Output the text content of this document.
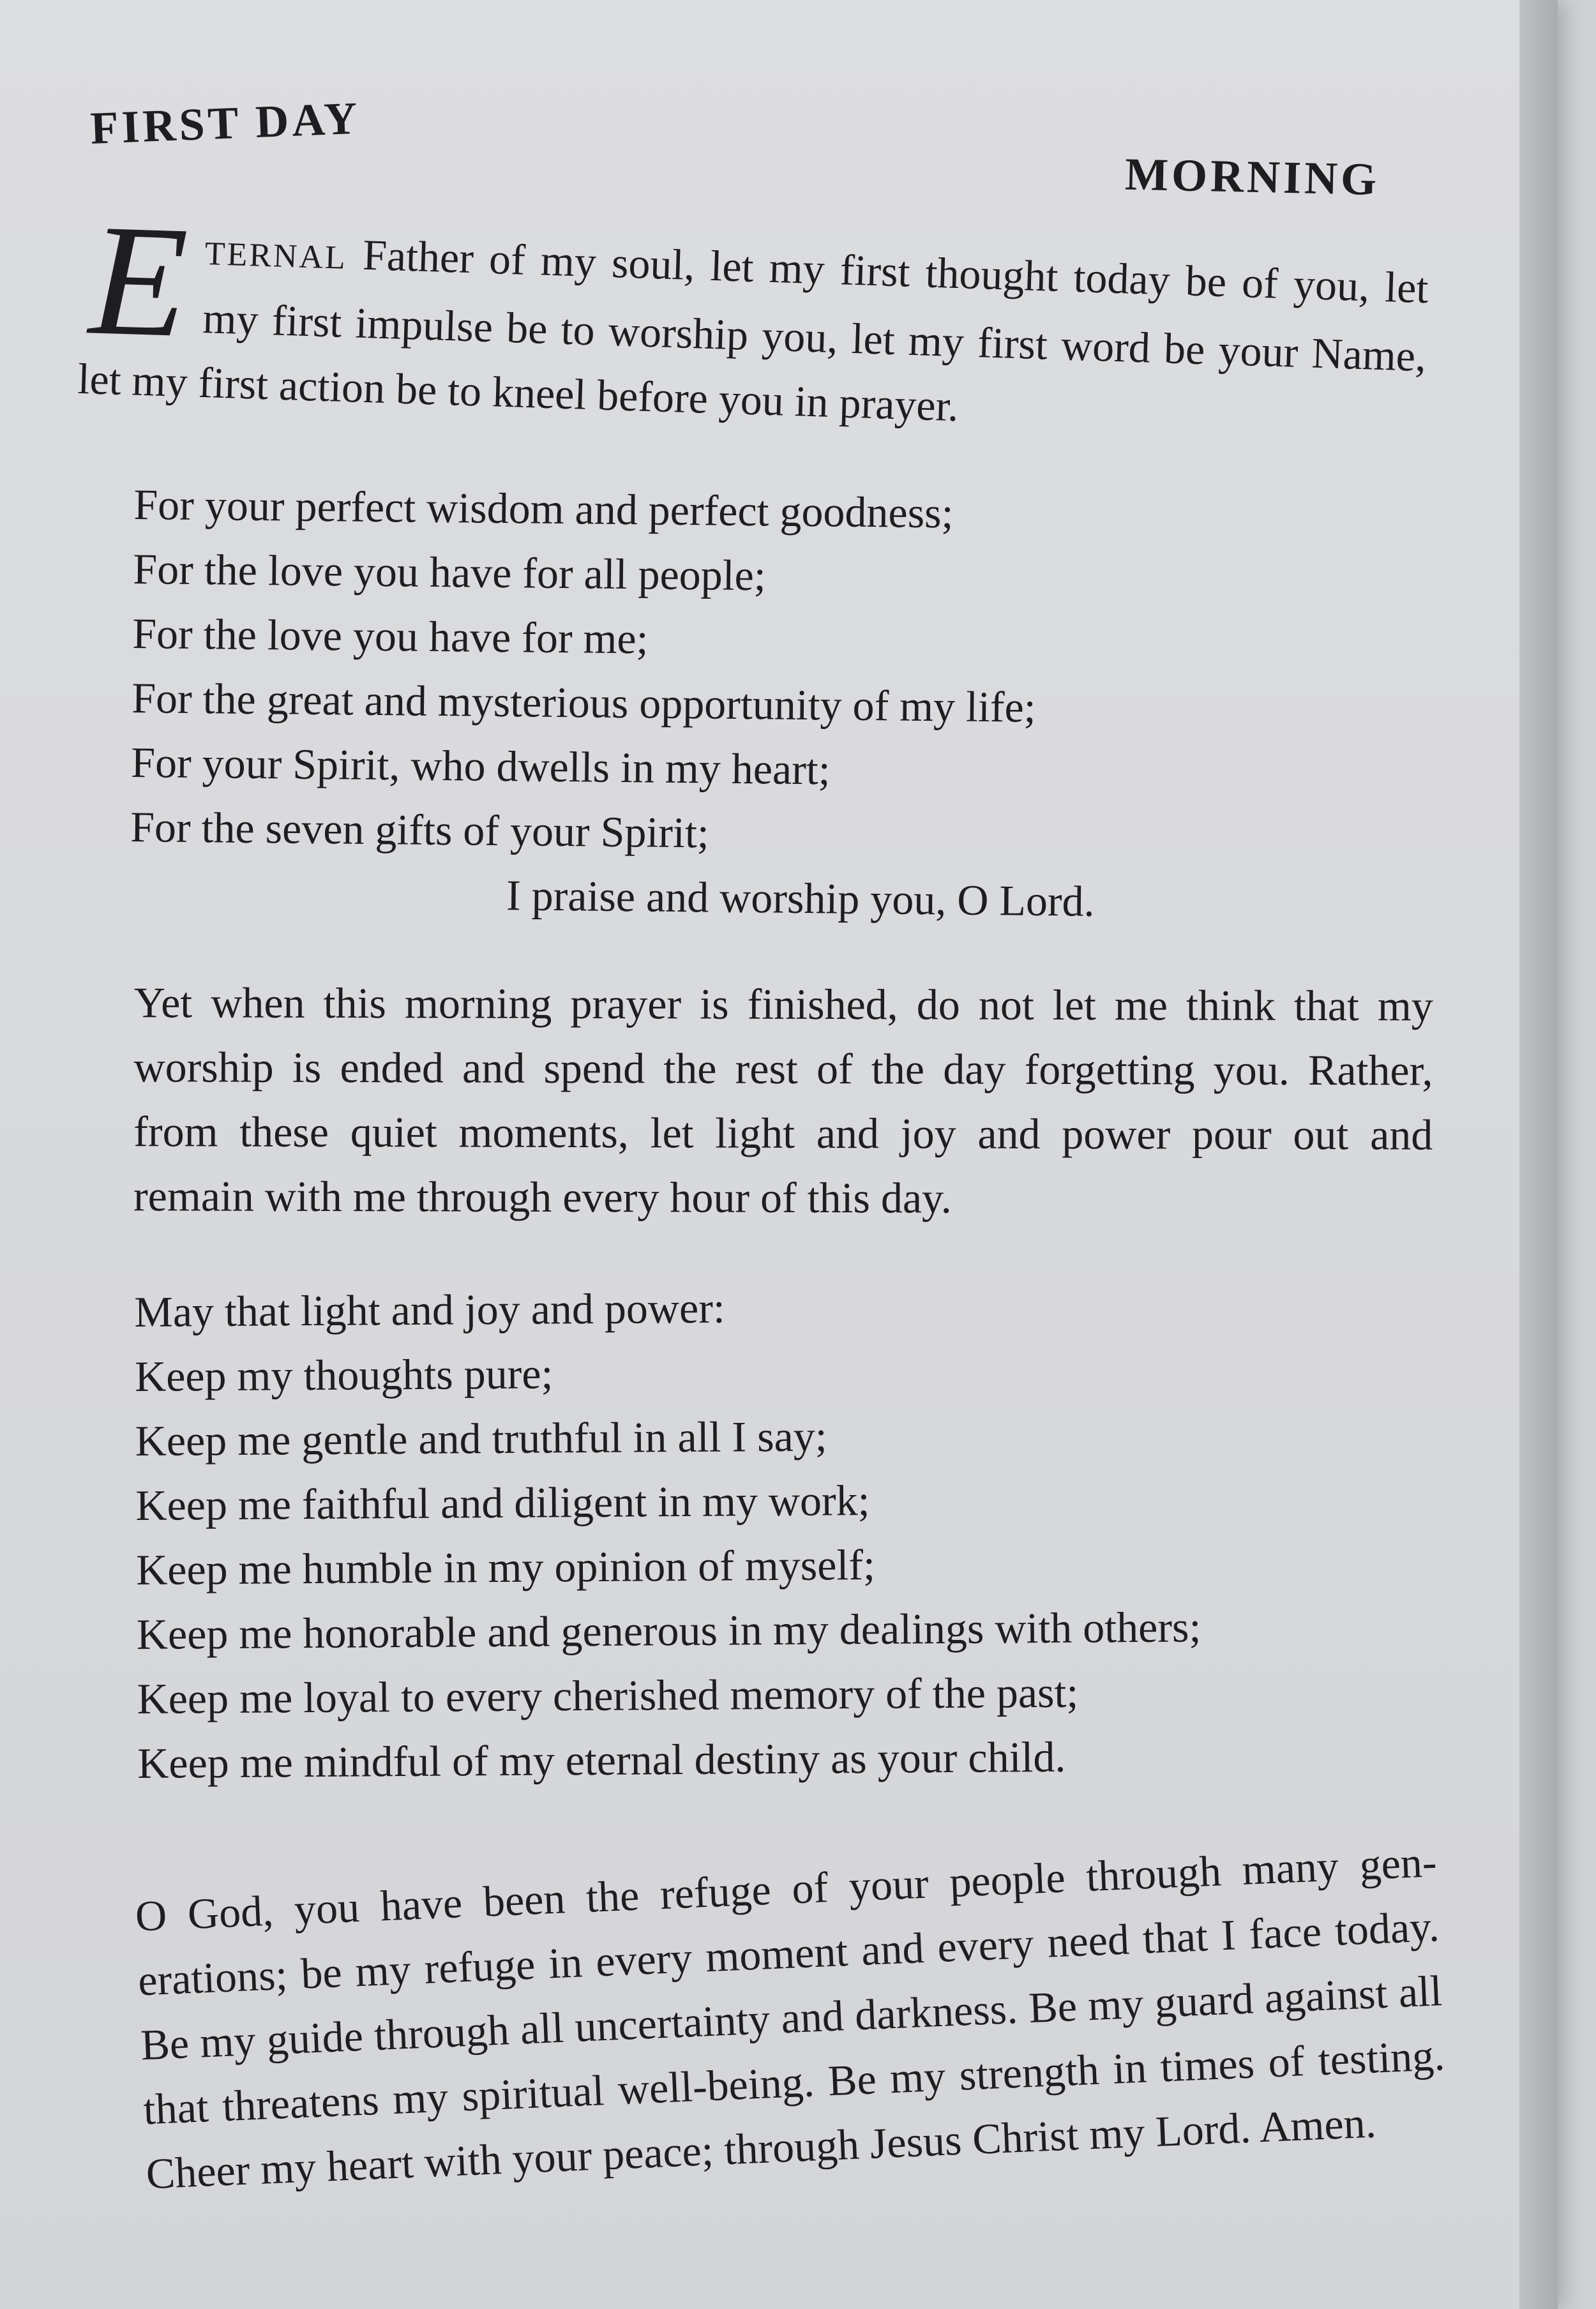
FIRST DAY
MORNING
ETERNAL Father of my soul, let my first thought today be of you, let my first impulse be to worship you, let my first word be your Name, let my first action be to kneel before you in prayer.
For your perfect wisdom and perfect goodness;
For the love you have for all people;
For the love you have for me;
For the great and mysterious opportunity of my life;
For your Spirit, who dwells in my heart;
For the seven gifts of your Spirit;
I praise and worship you, O Lord.
Yet when this morning prayer is finished, do not let me think that my worship is ended and spend the rest of the day forgetting you. Rather, from these quiet moments, let light and joy and power pour out and remain with me through every hour of this day.
May that light and joy and power:
Keep my thoughts pure;
Keep me gentle and truthful in all I say;
Keep me faithful and diligent in my work;
Keep me humble in my opinion of myself;
Keep me honorable and generous in my dealings with others;
Keep me loyal to every cherished memory of the past;
Keep me mindful of my eternal destiny as your child.
O God, you have been the refuge of your people through many gen-erations; be my refuge in every moment and every need that I face today. Be my guide through all uncertainty and darkness. Be my guard against all that threatens my spiritual well-being. Be my strength in times of testing. Cheer my heart with your peace; through Jesus Christ my Lord. Amen.
